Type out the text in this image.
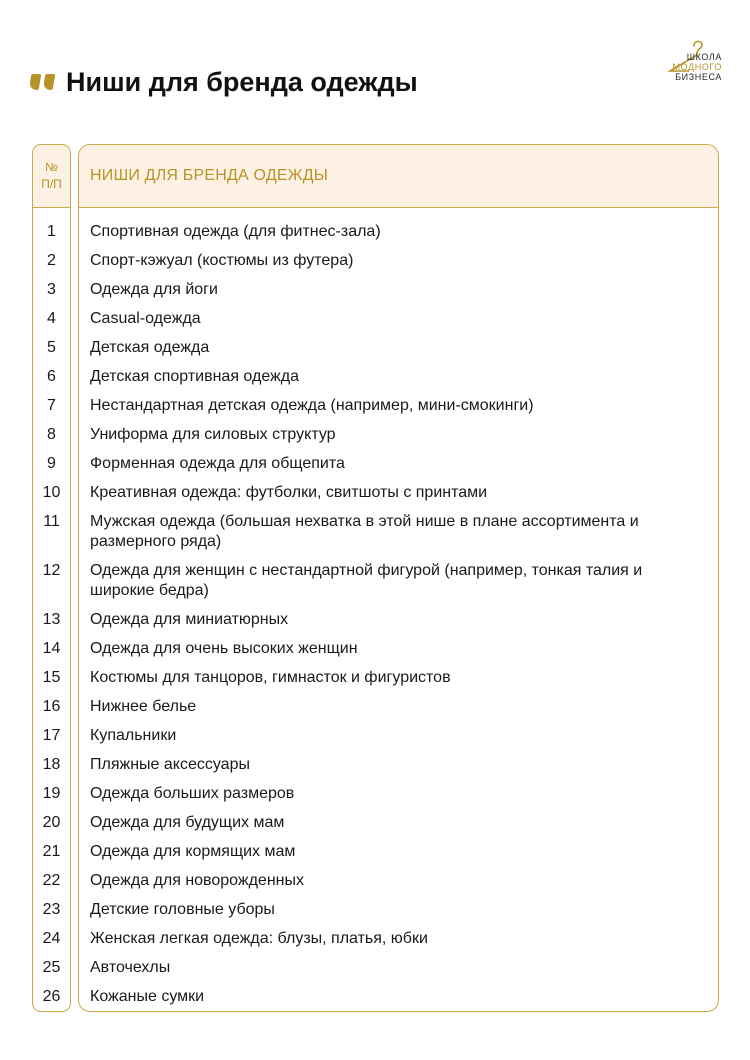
Ниши для бренда одежды
ШКОЛА
МОДНОГО
БИЗНЕСА
№
П/П
1
2
3
4
5
6
7
8
9
10
11
12
13
14
15
16
17
18
19
20
21
22
23
24
25
26
НИШИ ДЛЯ БРЕНДА ОДЕЖДЫ
Спортивная одежда (для фитнес-зала)
Спорт-кэжуал (костюмы из футера)
Одежда для йоги
Casual-одежда
Детская одежда
Детская спортивная одежда
Нестандартная детская одежда (например, мини-смокинги)
Униформа для силовых структур
Форменная одежда для общепита
Креативная одежда: футболки, свитшоты с принтами
Мужская одежда (большая нехватка в этой нише в плане ассортимента и размерного ряда)
Одежда для женщин с нестандартной фигурой (например, тонкая талия и широкие бедра)
Одежда для миниатюрных
Одежда для очень высоких женщин
Костюмы для танцоров, гимнасток и фигуристов
Нижнее белье
Купальники
Пляжные аксессуары
Одежда больших размеров
Одежда для будущих мам
Одежда для кормящих мам
Одежда для новорожденных
Детские головные уборы
Женская легкая одежда: блузы, платья, юбки
Авточехлы
Кожаные сумки
